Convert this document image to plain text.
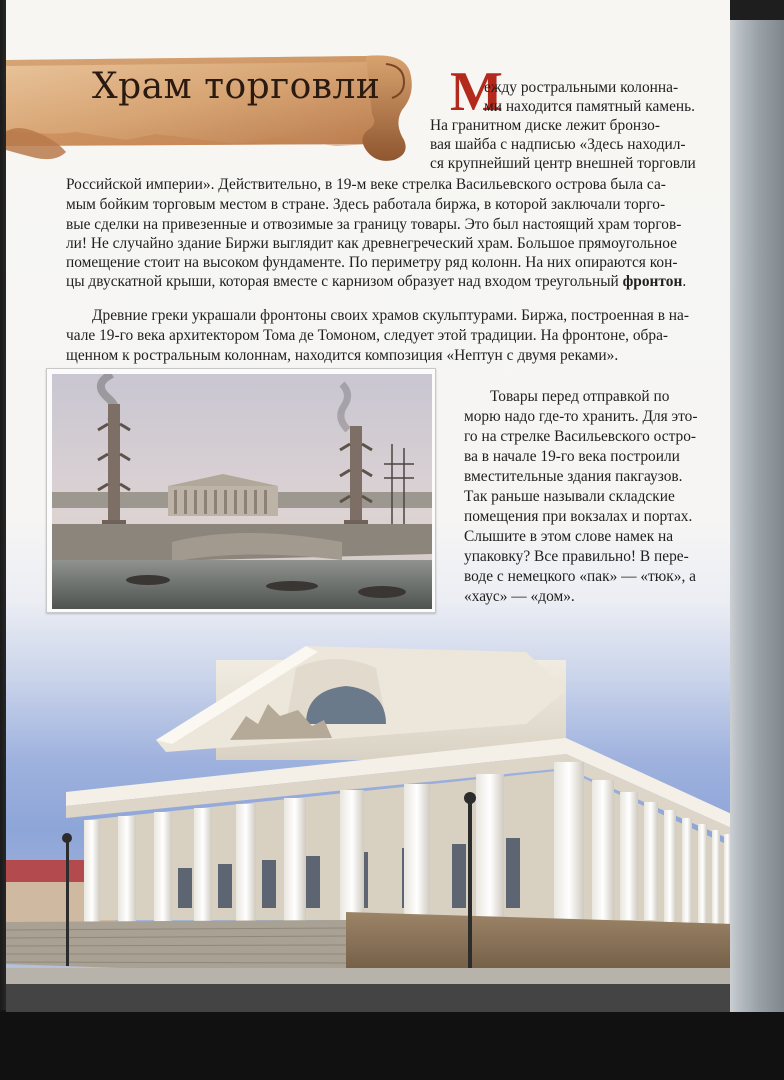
Храм торговли М
ежду ростральными колонна-
ми находится памятный камень.
На гранитном диске лежит бронзо-
вая шайба с надписью «Здесь находил-
ся крупнейший центр внешней торговли
Российской империи». Действительно, в 19-м веке стрелка Васильевского острова была са-
мым бойким торговым местом в стране. Здесь работала биржа, в которой заключали торго-
вые сделки на привезенные и отвозимые за границу товары. Это был настоящий храм торгов-
ли! Не случайно здание Биржи выглядит как древнегреческий храм. Большое прямоугольное
помещение стоит на высоком фундаменте. По периметру ряд колонн. На них опираются кон-
цы двускатной крыши, которая вместе с карнизом образует над входом треугольный фронтон.
Древние греки украшали фронтоны своих храмов скульптурами. Биржа, построенная в на-
чале 19-го века архитектором Тома де Томоном, следует этой традиции. На фронтоне, обра-
щенном к ростральным колоннам, находится композиция «Нептун с двумя реками».
Товары перед отправкой по
морю надо где-то хранить. Для это-
го на стрелке Васильевского остро-
ва в начале 19-го века построили
вместительные здания пакгаузов.
Так раньше называли складские
помещения при вокзалах и портах.
Слышите в этом слове намек на
упаковку? Все правильно! В пере-
воде с немецкого «пак» — «тюк», а
«хаус» — «дом».
